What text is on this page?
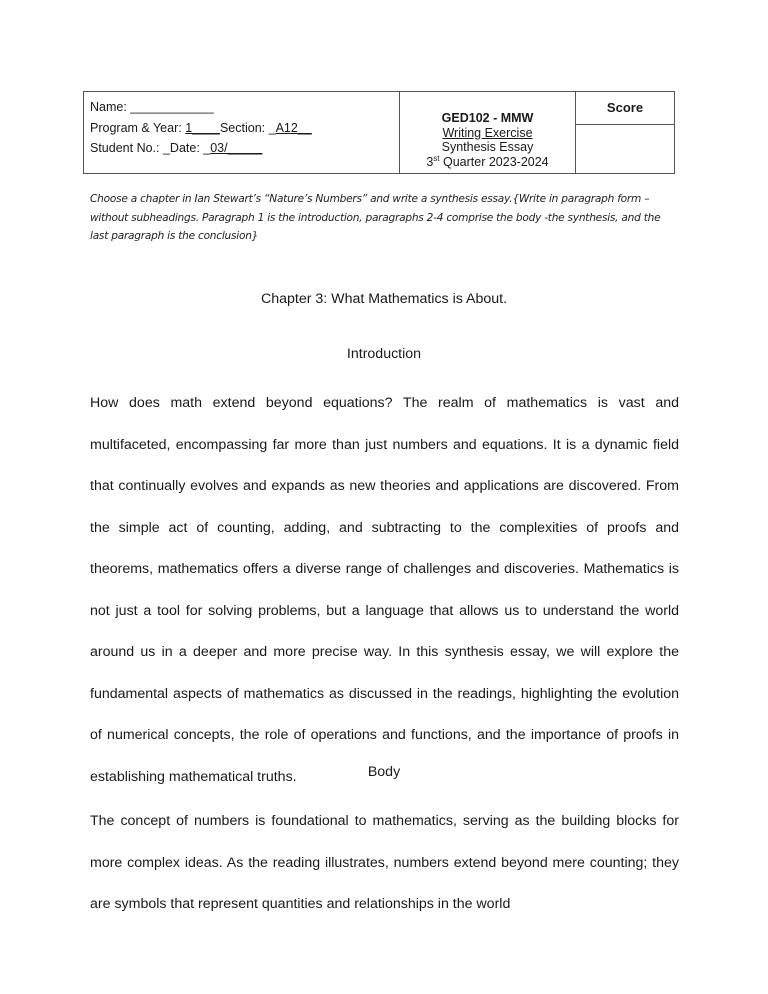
Name: ____________
Program & Year: 1____Section: _A12__
Student No.: _Date: _03/_____
GED102 - MMW
Writing Exercise
Synthesis Essay
3st Quarter 2023-2024
Score
Choose a chapter in Ian Stewart’s “Nature’s Numbers” and write a synthesis essay.{Write in paragraph form – without subheadings. Paragraph 1 is the introduction, paragraphs 2-4 comprise the body -the synthesis, and the last paragraph is the conclusion}
Chapter 3: What Mathematics is About.
Introduction
How does math extend beyond equations? The realm of mathematics is vast and multifaceted, encompassing far more than just numbers and equations. It is a dynamic field that continually evolves and expands as new theories and applications are discovered. From the simple act of counting, adding, and subtracting to the complexities of proofs and theorems, mathematics offers a diverse range of challenges and discoveries. Mathematics is not just a tool for solving problems, but a language that allows us to understand the world around us in a deeper and more precise way. In this synthesis essay, we will explore the fundamental aspects of mathematics as discussed in the readings, highlighting the evolution of numerical concepts, the role of operations and functions, and the importance of proofs in establishing mathematical truths.	Body
The concept of numbers is foundational to mathematics, serving as the building blocks for more complex ideas. As the reading illustrates, numbers extend beyond mere counting; they are symbols that represent quantities and relationships in the world
